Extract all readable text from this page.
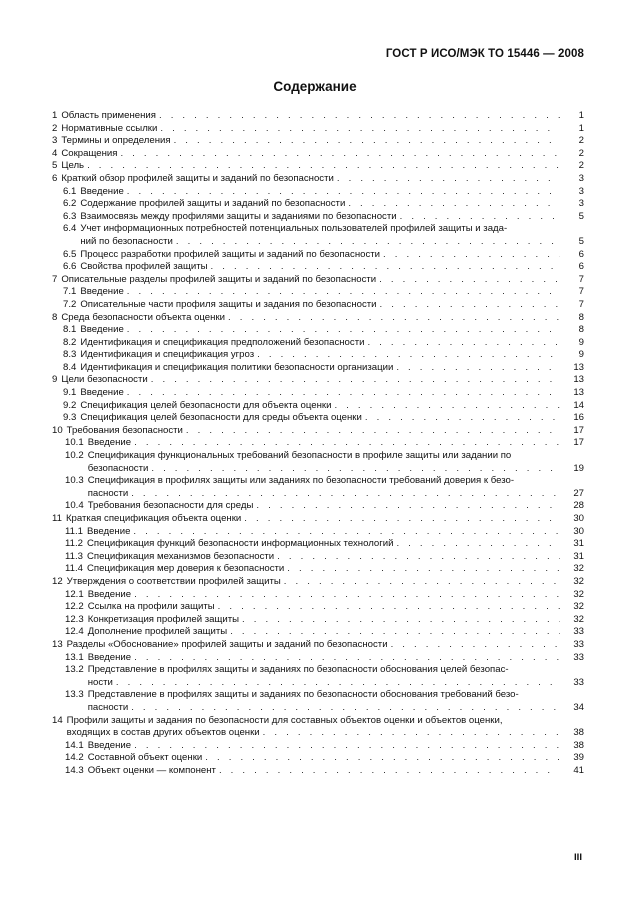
ГОСТ Р ИСО/МЭК ТО 15446 — 2008
Содержание
1 Область применения . . .	1
2 Нормативные ссылки . . .	1
3 Термины и определения . . .	2
4 Сокращения . . .	2
5 Цель . . .	2
6 Краткий обзор профилей защиты и заданий по безопасности . . .	3
6.1 Введение . . .	3
6.2 Содержание профилей защиты и заданий по безопасности . . .	3
6.3 Взаимосвязь между профилями защиты и заданиями по безопасности . . .	5
6.4 Учет информационных потребностей потенциальных пользователей профилей защиты и зада-
ний по безопасности . . .	5
6.5 Процесс разработки профилей защиты и заданий по безопасности . . .	6
6.6 Свойства профилей защиты . . .	6
7 Описательные разделы профилей защиты и заданий по безопасности . . .	7
7.1 Введение . . .	7
7.2 Описательные части профиля защиты и задания по безопасности . . .	7
8 Среда безопасности объекта оценки . . .	8
8.1 Введение . . .	8
8.2 Идентификация и спецификация предположений безопасности . . .	9
8.3 Идентификация и спецификация угроз . . .	9
8.4 Идентификация и спецификация политики безопасности организации . . .	13
9 Цели безопасности . . .	13
9.1 Введение . . .	13
9.2 Спецификация целей безопасности для объекта оценки . . .	14
9.3 Спецификация целей безопасности для среды объекта оценки . . .	16
10 Требования безопасности . . .	17
10.1 Введение . . .	17
10.2 Спецификация функциональных требований безопасности в профиле защиты или задании по
безопасности . . .	19
10.3 Спецификация в профилях защиты или заданиях по безопасности требований доверия к безо-
пасности . . .	27
10.4 Требования безопасности для среды . . .	28
11 Краткая спецификация объекта оценки . . .	30
11.1 Введение . . .	30
11.2 Спецификация функций безопасности информационных технологий . . .	31
11.3 Спецификация механизмов безопасности . . .	31
11.4 Спецификация мер доверия к безопасности . . .	32
12 Утверждения о соответствии профилей защиты . . .	32
12.1 Введение . . .	32
12.2 Ссылка на профили защиты . . .	32
12.3 Конкретизация профилей защиты . . .	32
12.4 Дополнение профилей защиты . . .	33
13 Разделы «Обоснование» профилей защиты и заданий по безопасности . . .	33
13.1 Введение . . .	33
13.2 Представление в профилях защиты и заданиях по безопасности обоснования целей безопас-
ности . . .	33
13.3 Представление в профилях защиты и заданиях по безопасности обоснования требований безо-
пасности . . .	34
14 Профили защиты и задания по безопасности для составных объектов оценки и объектов оценки,
входящих в состав других объектов оценки . . .	38
14.1 Введение . . .	38
14.2 Составной объект оценки . . .	39
14.3 Объект оценки — компонент . . .	41
III
